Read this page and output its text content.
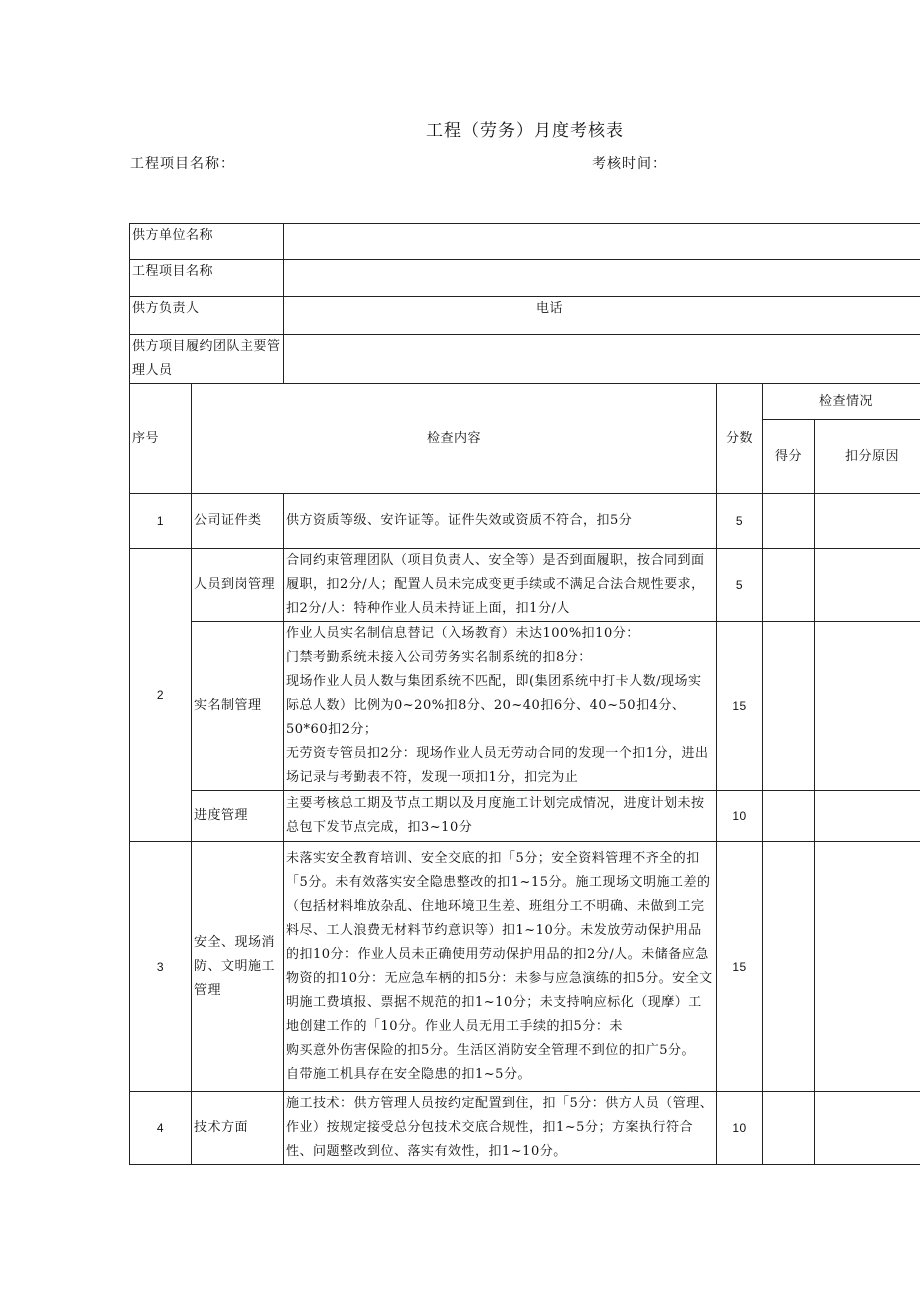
工程（劳务）月度考核表
工程项目名称：	考核时间：
供方单位名称					
工程项目名称					
供方负责人		电话			
供方项目履约团队主要管理人员					
序号	检查内容		分数	检查情况	
				得分	扣分原因
1	公司证件类	供方资质等级、安许证等。证件失效或资质不符合，扣5分	5		
2	人员到岗管理	合同约束管理团队（项目负责人、安全等）是否到面履职，按合同到面履职，扣2分/人；配置人员未完成变更手续或不满足合法合规性要求，扣2分/人：特种作业人员未持证上面，扣1分/人	5		
	实名制管理	作业人员实名制信息替记（入场教育）未达100%扣10分：
门禁考勤系统未接入公司劳务实名制系统的扣8分：
现场作业人员人数与集团系统不匹配，即(集团系统中打卡人数/现场实际总人数）比例为0~20%扣8分、20~40扣6分、40~50扣4分、50*60扣2分；
无劳资专管员扣2分：现场作业人员无劳动合同的发现一个扣1分，进出场记录与考勤表不符，发现一项扣1分，扣完为止	15		
	进度管理	主要考核总工期及节点工期以及月度施工计划完成情况，进度计划未按总包下发节点完成，扣3~10分	10		
3	安全、现场消防、文明施工管理	未落实安全教育培训、安全交底的扣「5分；安全资料管理不齐全的扣「5分。未有效落实安全隐患整改的扣1~15分。施工现场文明施工差的（包括材料堆放杂乱、住地环境卫生差、班组分工不明确、未做到工完料尽、工人浪费无材料节约意识等）扣1~10分。未发放劳动保护用品的扣10分：作业人员未正确使用劳动保护用品的扣2分/人。未储备应急物资的扣10分：无应急车柄的扣5分：未参与应急演练的扣5分。安全文明施工费填报、票据不规范的扣1~10分；未支持响应标化（现摩）工地创建工作的「10分。作业人员无用工手续的扣5分：未
购买意外伤害保险的扣5分。生活区消防安全管理不到位的扣广5分。
自带施工机具存在安全隐患的扣1~5分。	15		
4	技术方面	施工技术：供方管理人员按约定配置到住，扣「5分：供方人员（管理、作业）按规定接受总分包技术交底合规性，扣1~5分；方案执行符合性、问题整改到位、落实有效性，扣1~10分。	10		
